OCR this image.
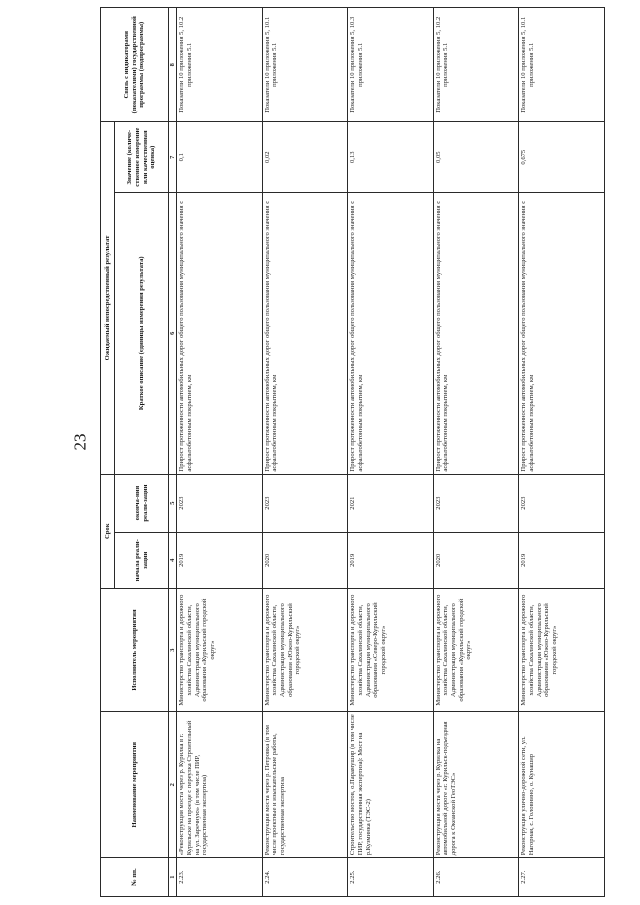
23
№ пп.	Наименование мероприятия	Исполнитель мероприятия	Срок		Ожидаемый непосредственный результат		Связь с индикаторами (показателями) государственной программы (подпрограммы)
			начала реали-зации	оконча-ния реали-зации	Краткое описание (единицы измерения результата)	Значение (количе-ственное измерение или качественная оценка)	
1	2	3	4	5	6	7	8
2.23.	«Реконструкция моста через р. Курилка в г. Курильске на проезде с переулка Строительный на ул. Заречную» (в том числе ПИР, государственная экспертиза)	Министерство транспорта и дорожного хозяйства Сахалинской области, Администрация муниципального образования «Курильский городской округ»	2019	2023	Прирост протяженности автомобильных дорог общего пользования муниципального значения с асфальтобетонным покрытием, км	0,1	Показатели 10 приложения 5, 10.2 приложения 5.1
2.24.	Реконструкция моста через р. Петровка (в том числе проектные и изыскательские работы, государственная экспертиза	Министерство транспорта и дорожного хозяйства Сахалинской области, Администрация муниципального образования «Южно-Курильский городской округ»	2020	2023	Прирост протяженности автомобильных дорог общего пользования муниципального значения с асфальтобетонным покрытием, км	0,02	Показатели 10 приложения 5, 10.1 приложения 5.1
2.25.	Строительство мостов, о.Парамушир (в том числе ПИР, государственная экспертиза): Мост на р.Кузминка (ТЭС-2)	Министерство транспорта и дорожного хозяйства Сахалинской области, Администрация муниципального образования «Северо-Курильский городской округ»	2019	2021	Прирост протяженности автомобильных дорог общего пользования муниципального значения с асфальтобетонным покрытием, км	0,13	Показатели 10 приложения 5, 10.3 приложения 5.1
2.26.	Реконструкция моста через р. Курилка на автомобильной дороге «г. Курильск-подъездная дорога к Океанской ГеоТЭС»	Министерство транспорта и дорожного хозяйства Сахалинской области, Администрация муниципального образования «Курильский городской округ»	2020	2023	Прирост протяженности автомобильных дорог общего пользования муниципального значения с асфальтобетонным покрытием, км	0,05	Показатели 10 приложения 5, 10.2 приложения 5.1
2.27.	Реконструкция улично-дорожной сети, ул. Нагорная, с. Головнино, о. Кунашир	Министерство транспорта и дорожного хозяйства Сахалинской области, Администрация муниципального образования «Южно-Курильский городской округ»	2019	2023	Прирост протяженности автомобильных дорог общего пользования муниципального значения с асфальтобетонным покрытием, км	0,675	Показатели 10 приложения 5, 10.1 приложения 5.1
